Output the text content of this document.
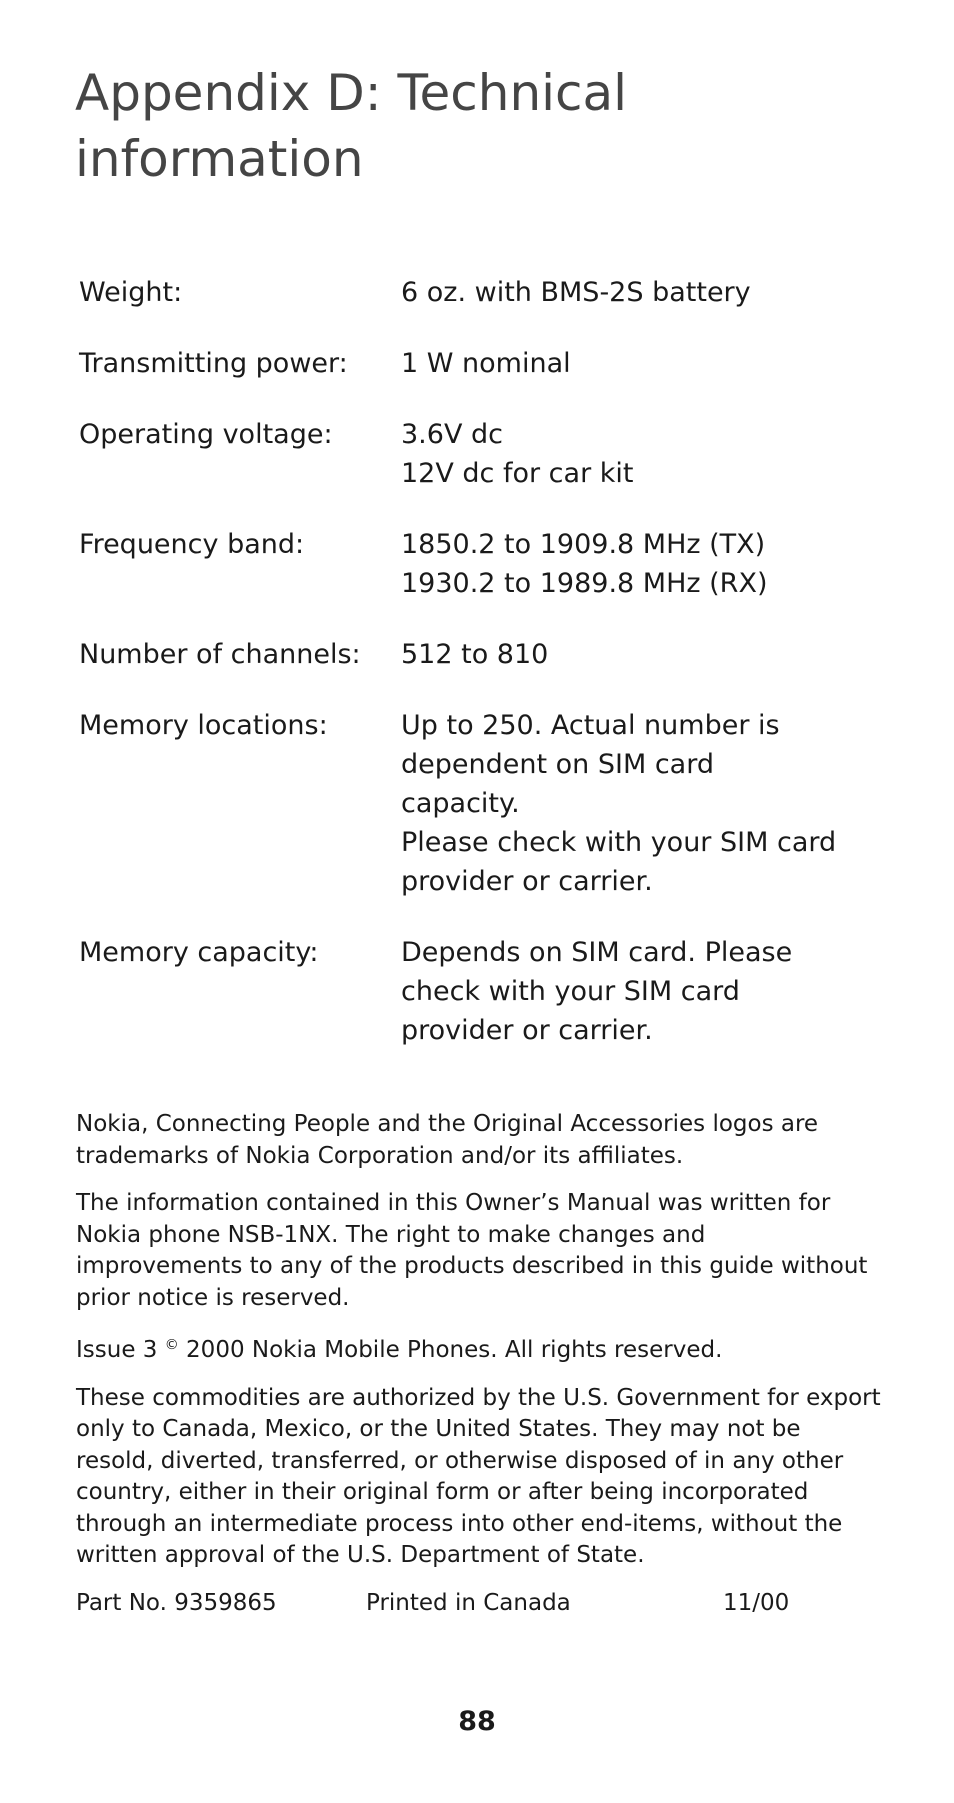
Appendix D: Technical
information
Weight:	6 oz. with BMS-2S battery
Transmitting power:	1 W nominal
Operating voltage:	3.6V dc
12V dc for car kit
Frequency band:	1850.2 to 1909.8 MHz (TX)
1930.2 to 1989.8 MHz (RX)
Number of channels:	512 to 810
Memory locations:	Up to 250. Actual number is
dependent on SIM card capacity.
Please check with your SIM card
provider or carrier.
Memory capacity:	Depends on SIM card. Please
check with your SIM card
provider or carrier.

Nokia, Connecting People and the Original Accessories logos are
trademarks of Nokia Corporation and/or its affiliates.

The information contained in this Owner’s Manual was written for
Nokia phone NSB-1NX. The right to make changes and
improvements to any of the products described in this guide without
prior notice is reserved.

Issue 3 © 2000 Nokia Mobile Phones. All rights reserved.

These commodities are authorized by the U.S. Government for export
only to Canada, Mexico, or the United States. They may not be
resold, diverted, transferred, or otherwise disposed of in any other
country, either in their original form or after being incorporated
through an intermediate process into other end-items, without the
written approval of the U.S. Department of State.

Part No. 9359865	Printed in Canada	11/00
88
